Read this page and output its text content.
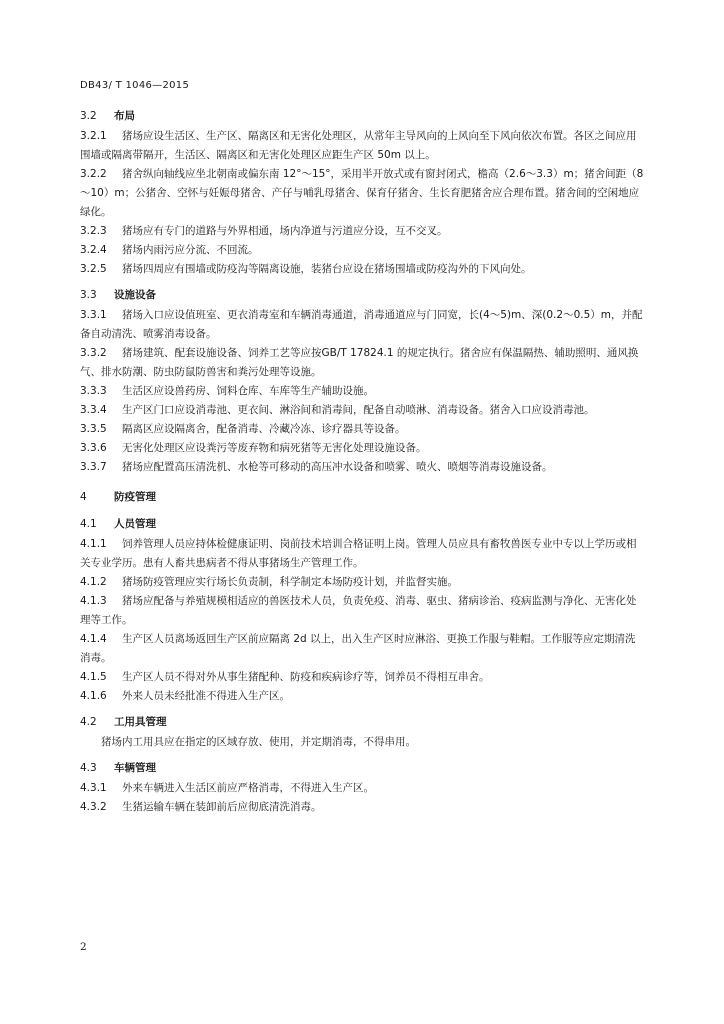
DB43/ T 1046—2015
3.2	布局

3.2.1 猪场应设生活区、生产区、隔离区和无害化处理区，从常年主导风向的上风向至下风向依次布置。各区之间应用围墙或隔离带隔开，生活区、隔离区和无害化处理区应距生产区 50m 以上。

3.2.2 猪舍纵向轴线应坐北朝南或偏东南 12°～15°，采用半开放式或有窗封闭式，檐高（2.6～3.3）m；猪舍间距（8～10）m；公猪舍、空怀与妊娠母猪舍、产仔与哺乳母猪舍、保育仔猪舍、生长育肥猪舍应合理布置。猪舍间的空闲地应绿化。

3.2.3 猪场应有专门的道路与外界相通，场内净道与污道应分设，互不交叉。

3.2.4 猪场内雨污应分流、不回流。

3.2.5 猪场四周应有围墙或防疫沟等隔离设施，装猪台应设在猪场围墙或防疫沟外的下风向处。

3.3	设施设备

3.3.1 猪场入口应设值班室、更衣消毒室和车辆消毒通道，消毒通道应与门同宽，长(4～5)m、深(0.2～0.5）m，并配备自动清洗、喷雾消毒设备。

3.3.2 猪场建筑、配套设施设备、饲养工艺等应按GB/T 17824.1 的规定执行。猪舍应有保温隔热、辅助照明、通风换气、排水防潮、防虫防鼠防兽害和粪污处理等设施。

3.3.3 生活区应设兽药房、饲料仓库、车库等生产辅助设施。

3.3.4 生产区门口应设消毒池、更衣间、淋浴间和消毒间，配备自动喷淋、消毒设备。猪舍入口应设消毒池。

3.3.5 隔离区应设隔离舍，配备消毒、冷藏冷冻、诊疗器具等设备。

3.3.6 无害化处理区应设粪污等废弃物和病死猪等无害化处理设施设备。

3.3.7 猪场应配置高压清洗机、水枪等可移动的高压冲水设备和喷雾、喷火、喷烟等消毒设施设备。

4	防疫管理
4.1	人员管理

4.1.1 饲养管理人员应持体检健康证明、岗前技术培训合格证明上岗。管理人员应具有畜牧兽医专业中专以上学历或相关专业学历。患有人畜共患病者不得从事猪场生产管理工作。

4.1.2 猪场防疫管理应实行场长负责制，科学制定本场防疫计划，并监督实施。

4.1.3 猪场应配备与养殖规模相适应的兽医技术人员，负责免疫、消毒、驱虫、猪病诊治、疫病监测与净化、无害化处理等工作。

4.1.4 生产区人员离场返回生产区前应隔离 2d 以上，出入生产区时应淋浴、更换工作服与鞋帽。工作服等应定期清洗消毒。

4.1.5 生产区人员不得对外从事生猪配种、防疫和疾病诊疗等，饲养员不得相互串舍。

4.1.6 外来人员未经批准不得进入生产区。

4.2	工用具管理

猪场内工用具应在指定的区域存放、使用，并定期消毒，不得串用。

4.3	车辆管理

4.3.1 外来车辆进入生活区前应严格消毒，不得进入生产区。

4.3.2 生猪运输车辆在装卸前后应彻底清洗消毒。

2
